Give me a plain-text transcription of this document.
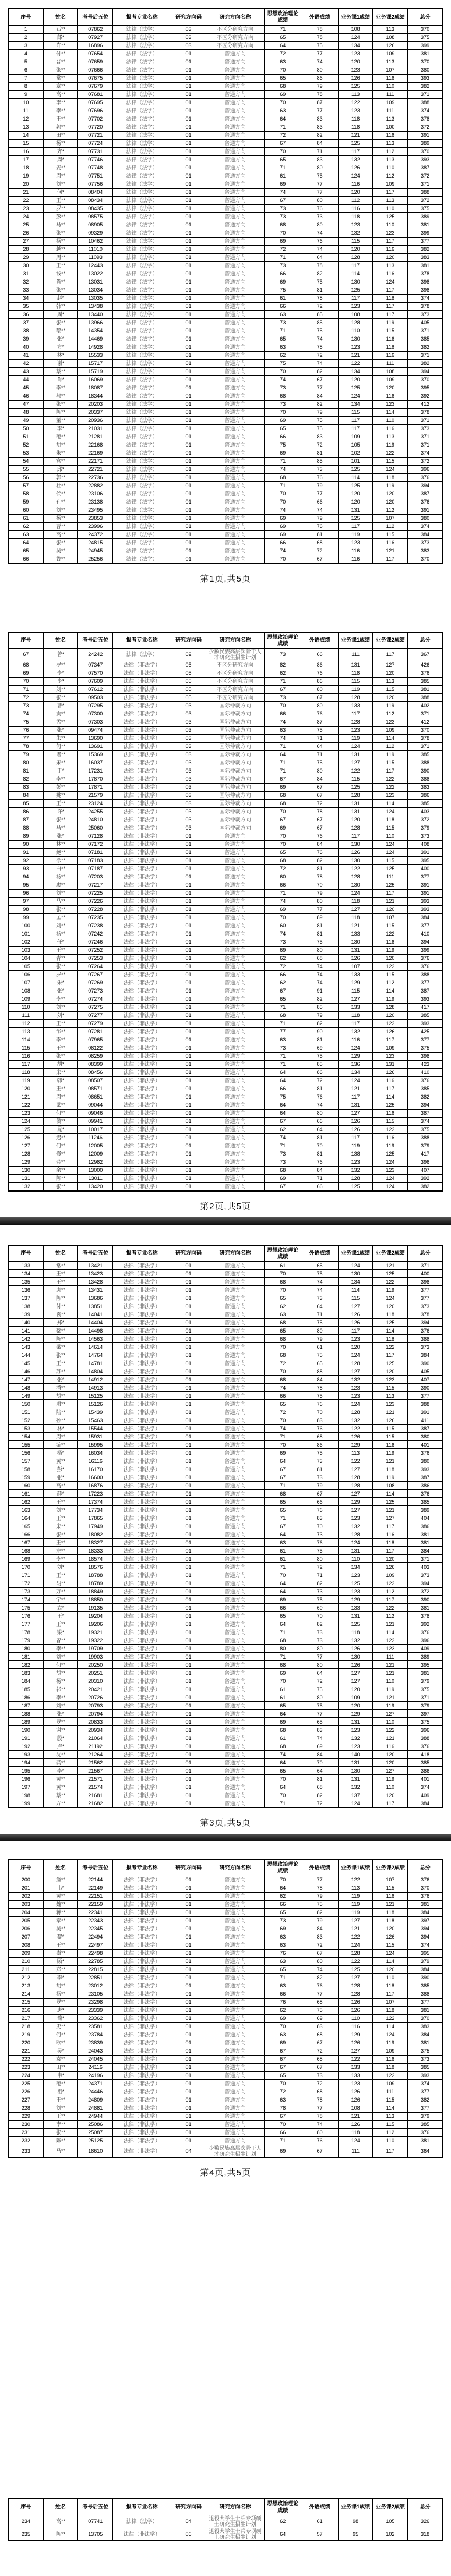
序号	姓名	考号后五位	报考专业名称	研究方向码	研究方向名称	思想政治理论成绩	外语成绩	业务课1成绩	业务课2成绩	总分
1	石**	07862	法律（法学）	03	不区分研究方向	71	78	108	113	370
2	郎*	07927	法律（法学）	03	不区分研究方向	65	78	124	108	375
3	许**	16896	法律（法学）	03	不区分研究方向	64	75	134	126	399
4	付**	07654	法律（法学）	01	普通方向	72	77	123	109	381
5	晋**	07659	法律（法学）	01	普通方向	63	74	120	113	370
6	张**	07666	法律（法学）	01	普通方向	70	80	123	107	380
7	常**	07675	法律（法学）	01	普通方向	65	86	126	116	393
8	章**	07679	法律（法学）	01	普通方向	68	79	125	110	382
9	高**	07681	法律（法学）	01	普通方向	69	78	113	111	371
10	李**	07695	法律（法学）	01	普通方向	70	87	122	109	388
11	李**	07696	法律（法学）	01	普通方向	63	77	123	111	374
12	王**	07702	法律（法学）	01	普通方向	64	83	118	113	378
13	郭**	07720	法律（法学）	01	普通方向	71	83	118	100	372
14	田**	07721	法律（法学）	01	普通方向	72	82	121	116	391
15	杨**	07724	法律（法学）	01	普通方向	67	84	125	113	389
16	齐*	07731	法律（法学）	01	普通方向	70	71	117	112	370
17	周*	07746	法律（法学）	01	普通方向	65	83	132	113	393
18	姜**	07748	法律（法学）	01	普通方向	71	80	126	110	387
19	周**	07751	法律（法学）	01	普通方向	61	75	124	112	372
20	刘**	07756	法律（法学）	01	普通方向	69	77	116	109	371
21	何*	08404	法律（法学）	01	普通方向	74	77	120	117	388
22	王**	08434	法律（法学）	01	普通方向	67	80	112	113	372
23	罗**	08435	法律（法学）	01	普通方向	73	76	116	110	375
24	彭**	08575	法律（法学）	01	普通方向	73	73	118	125	389
25	马**	08905	法律（法学）	01	普通方向	68	80	123	110	381
26	张**	09329	法律（法学）	01	普通方向	70	74	132	123	399
27	杨**	10462	法律（法学）	01	普通方向	69	76	115	117	377
28	越**	11010	法律（法学）	01	普通方向	72	74	120	116	382
29	周**	11093	法律（法学）	01	普通方向	71	64	128	120	383
30	王**	12443	法律（法学）	01	普通方向	73	78	117	113	381
31	钱**	13022	法律（法学）	01	普通方向	66	82	114	116	378
32	肖**	13031	法律（法学）	01	普通方向	69	75	130	124	398
33	张**	13034	法律（法学）	01	普通方向	75	81	125	117	398
34	赵*	13035	法律（法学）	01	普通方向	61	78	117	118	374
35	韩**	13438	法律（法学）	01	普通方向	66	72	123	117	378
36	周*	13440	法律（法学）	01	普通方向	63	85	108	117	373
37	张**	13966	法律（法学）	01	普通方向	73	85	128	119	405
38	黎**	14354	法律（法学）	01	普通方向	71	75	110	115	371
39	张*	14469	法律（法学）	01	普通方向	65	74	130	116	385
40	方*	14928	法律（法学）	01	普通方向	63	78	123	118	382
41	林*	15533	法律（法学）	01	普通方向	62	72	121	116	371
42	谢*	15717	法律（法学）	01	普通方向	75	74	122	111	382
43	蔡**	15719	法律（法学）	01	普通方向	70	82	134	108	394
44	肖*	16069	法律（法学）	01	普通方向	74	67	120	109	370
45	李**	18087	法律（法学）	01	普通方向	73	77	125	120	395
46	郝**	18344	法律（法学）	01	普通方向	68	84	124	116	392
47	张**	20203	法律（法学）	01	普通方向	73	82	134	123	412
48	陈**	20337	法律（法学）	01	普通方向	70	79	115	114	378
49	董**	20936	法律（法学）	01	普通方向	69	75	117	110	371
50	李*	21031	法律（法学）	01	普通方向	65	75	117	116	373
51	范**	21281	法律（法学）	01	普通方向	66	83	109	113	371
52	胡**	22168	法律（法学）	01	普通方向	75	72	105	119	371
53	朱**	22169	法律（法学）	01	普通方向	69	81	102	122	374
54	宫**	22171	法律（法学）	01	普通方向	71	85	101	115	372
55	邱*	22721	法律（法学）	01	普通方向	74	73	125	124	396
56	郭**	22736	法律（法学）	01	普通方向	68	76	114	118	376
57	杜**	22882	法律（法学）	01	普通方向	71	79	125	119	394
58	侯**	23106	法律（法学）	01	普通方向	70	77	120	120	387
59	孔**	23138	法律（法学）	01	普通方向	70	66	120	120	376
60	刘**	23495	法律（法学）	01	普通方向	74	74	131	112	391
61	杨**	23853	法律（法学）	01	普通方向	69	79	125	107	380
62	曹**	23996	法律（法学）	01	普通方向	69	76	117	112	374
63	高**	24372	法律（法学）	01	普通方向	69	81	119	115	384
64	张**	24815	法律（法学）	01	普通方向	66	68	123	116	373
65	吴**	24945	法律（法学）	01	普通方向	74	72	116	121	383
66	鲁**	25256	法律（法学）	01	普通方向	70	67	116	117	370
第1页,共5页
序号	姓名	考号后五位	报考专业名称	研究方向码	研究方向名称	思想政治理论成绩	外语成绩	业务课1成绩	业务课2成绩	总分
67	曾*	24242	法律（法学）	02	少数民族高层次骨干人才研究生招生计划	73	66	111	117	367
68	罗**	07347	法律（非法学）	05	不区分研究方向	82	86	131	127	426
69	李*	07570	法律（非法学）	05	不区分研究方向	62	76	118	120	376
70	李*	07609	法律（非法学）	05	不区分研究方向	71	86	115	113	385
71	刘**	07612	法律（非法学）	05	不区分研究方向	67	80	119	115	381
72	张**	09503	法律（非法学）	05	不区分研究方向	73	67	128	120	388
73	曹*	07295	法律（非法学）	03	国际仲裁方向	70	80	133	119	402
74	贡**	07300	法律（非法学）	03	国际仲裁方向	66	76	117	112	371
75	孟**	07303	法律（非法学）	03	国际仲裁方向	74	87	128	123	412
76	张*	09474	法律（非法学）	03	国际仲裁方向	63	75	123	109	370
77	朱**	13690	法律（非法学）	03	国际仲裁方向	74	71	119	114	378
78	何**	13691	法律（非法学）	03	国际仲裁方向	71	64	124	112	371
79	谌**	15369	法律（非法学）	03	国际仲裁方向	64	71	131	119	385
80	宋**	16037	法律（非法学）	03	国际仲裁方向	71	75	127	115	388
81	于*	17231	法律（非法学）	03	国际仲裁方向	71	80	122	117	390
82	李**	17870	法律（非法学）	03	国际仲裁方向	67	84	115	122	388
83	彭**	17871	法律（非法学）	03	国际仲裁方向	69	67	125	122	383
84	姚**	21579	法律（非法学）	03	国际仲裁方向	68	67	128	123	386
85	王**	23124	法律（非法学）	03	国际仲裁方向	68	72	131	114	385
86	许*	24255	法律（非法学）	03	国际仲裁方向	70	78	131	124	403
87	张**	24810	法律（非法学）	03	国际仲裁方向	67	67	120	118	372
88	马**	25060	法律（非法学）	03	国际仲裁方向	69	67	128	115	379
89	张*	07128	法律（非法学）	01	普通方向	70	76	117	110	373
90	林**	07172	法律（非法学）	01	普通方向	70	84	130	124	408
91	鲍**	07181	法律（非法学）	01	普通方向	65	76	126	124	391
92	徐**	07183	法律（非法学）	01	普通方向	68	82	130	115	395
93	白**	07187	法律（非法学）	01	普通方向	72	81	122	125	400
94	杨**	07203	法律（非法学）	01	普通方向	60	78	128	111	377
95	廖**	07217	法律（非法学）	01	普通方向	66	70	130	125	391
96	刘**	07225	法律（非法学）	01	普通方向	71	79	124	117	391
97	马**	07226	法律（非法学）	01	普通方向	74	80	118	121	393
98	张**	07228	法律（非法学）	01	普通方向	69	77	127	120	393
99	匡**	07235	法律（非法学）	01	普通方向	70	89	118	107	384
100	刘**	07238	法律（非法学）	01	普通方向	60	81	121	115	377
101	杨**	07242	法律（非法学）	01	普通方向	74	81	133	122	410
102	任*	07246	法律（非法学）	01	普通方向	73	75	130	116	394
103	王**	07252	法律（非法学）	01	普通方向	69	80	131	119	399
104	青**	07253	法律（非法学）	01	普通方向	62	68	126	120	376
105	张**	07264	法律（非法学）	01	普通方向	72	74	107	123	376
106	罗**	07267	法律（非法学）	01	普通方向	66	74	133	115	388
107	朱*	07269	法律（非法学）	01	普通方向	62	74	129	112	377
108	张*	07273	法律（非法学）	01	普通方向	67	91	115	114	387
109	李**	07274	法律（非法学）	01	普通方向	65	82	127	119	393
110	刘**	07275	法律（非法学）	01	普通方向	71	85	133	128	417
111	刘*	07277	法律（非法学）	01	普通方向	68	79	118	120	385
112	王**	07279	法律（非法学）	01	普通方向	71	82	117	123	393
113	邹**	07281	法律（非法学）	01	普通方向	77	90	132	126	425
114	李**	07965	法律（非法学）	01	普通方向	63	81	116	117	377
115	王**	08122	法律（非法学）	01	普通方向	73	69	124	109	375
116	张**	08259	法律（非法学）	01	普通方向	71	75	129	123	398
117	胡*	08399	法律（非法学）	01	普通方向	71	85	136	131	423
118	宋**	08456	法律（非法学）	01	普通方向	64	86	134	126	410
119	韩*	08507	法律（非法学）	01	普通方向	64	72	124	116	376
120	王**	08571	法律（非法学）	01	普通方向	66	81	121	117	385
121	周**	08651	法律（非法学）	01	普通方向	75	76	117	114	382
122	梁**	09044	法律（非法学）	01	普通方向	64	74	131	125	394
123	何**	09046	法律（非法学）	01	普通方向	64	80	127	116	387
124	侯**	09941	法律（非法学）	01	普通方向	67	66	126	115	374
125	晁*	10017	法律（非法学）	01	普通方向	62	64	126	123	375
126	迟**	11246	法律（非法学）	01	普通方向	74	81	117	116	388
127	何**	12005	法律（非法学）	01	普通方向	71	70	119	119	379
128	修**	12009	法律（非法学）	01	普通方向	73	81	138	125	417
129	龚**	12982	法律（非法学）	01	普通方向	73	76	123	124	396
130	余**	13000	法律（非法学）	01	普通方向	68	84	132	123	407
131	陈**	13011	法律（非法学）	01	普通方向	69	71	128	124	392
132	张**	13420	法律（非法学）	01	普通方向	67	66	125	124	382
第2页,共5页
序号	姓名	考号后五位	报考专业名称	研究方向码	研究方向名称	思想政治理论成绩	外语成绩	业务课1成绩	业务课2成绩	总分
133	常**	13421	法律（非法学）	01	普通方向	61	65	124	121	371
134	王**	13423	法律（非法学）	01	普通方向	70	75	130	125	400
135	王**	13428	法律（非法学）	01	普通方向	68	74	134	122	398
136	唐**	13431	法律（非法学）	01	普通方向	70	74	114	119	377
137	陈**	13686	法律（非法学）	01	普通方向	65	73	115	124	377
138	付**	13851	法律（非法学）	01	普通方向	62	64	127	120	373
139	袁**	14041	法律（非法学）	01	普通方向	63	71	126	118	378
140	郑*	14404	法律（非法学）	01	普通方向	68	75	126	125	394
141	蔡**	14498	法律（非法学）	01	普通方向	65	80	117	114	376
142	陈**	14563	法律（非法学）	01	普通方向	68	79	123	118	388
143	梁**	14614	法律（非法学）	01	普通方向	70	61	120	122	373
144	张**	14764	法律（非法学）	01	普通方向	68	75	124	117	384
145	王**	14781	法律（非法学）	01	普通方向	72	65	128	125	390
146	苏**	14804	法律（非法学）	01	普通方向	70	88	127	120	405
147	张*	14912	法律（非法学）	01	普通方向	68	84	132	123	407
148	潘**	14913	法律（非法学）	01	普通方向	74	78	123	115	390
149	胡**	15125	法律（非法学）	01	普通方向	66	75	123	113	377
150	项**	15126	法律（非法学）	01	普通方向	65	76	124	123	388
151	陆**	15439	法律（非法学）	01	普通方向	72	70	128	121	391
152	孙**	15463	法律（非法学）	01	普通方向	70	83	132	126	411
153	林*	15544	法律（非法学）	01	普通方向	74	76	122	115	387
154	周**	15931	法律（非法学）	01	普通方向	71	68	126	115	380
155	游**	15995	法律（非法学）	01	普通方向	70	86	129	116	401
156	杨*	16034	法律（非法学）	01	普通方向	69	75	113	119	376
157	黄**	16116	法律（非法学）	01	普通方向	64	73	122	121	380
158	彭*	16170	法律（非法学）	01	普通方向	67	81	127	118	393
159	张*	16600	法律（非法学）	01	普通方向	67	73	128	119	387
160	高**	16876	法律（非法学）	01	普通方向	71	79	128	108	386
161	薛*	17223	法律（非法学）	01	普通方向	68	67	127	114	376
162	王**	17374	法律（非法学）	01	普通方向	65	66	129	125	385
163	刘**	17734	法律（非法学）	01	普通方向	65	76	127	121	389
164	王**	17865	法律（非法学）	01	普通方向	71	83	123	127	404
165	宋**	17949	法律（非法学）	01	普通方向	67	70	132	117	386
166	张**	18082	法律（非法学）	01	普通方向	64	73	128	116	381
167	王**	18327	法律（非法学）	01	普通方向	63	76	124	118	381
168	左**	18333	法律（非法学）	01	普通方向	61	75	131	117	384
169	李**	18574	法律（非法学）	01	普通方向	61	80	110	120	371
170	刘*	18576	法律（非法学）	01	普通方向	71	72	134	126	403
171	王**	18788	法律（非法学）	01	普通方向	70	71	123	109	373
172	胡**	18789	法律（非法学）	01	普通方向	64	82	125	123	394
173	万**	18849	法律（非法学）	01	普通方向	64	73	123	112	372
174	宁**	18850	法律（非法学）	01	普通方向	69	75	129	117	390
175	袁*	19135	法律（非法学）	01	普通方向	66	60	133	122	381
176	王*	19204	法律（非法学）	01	普通方向	65	70	131	112	378
177	王**	19206	法律（非法学）	01	普通方向	64	82	125	121	392
178	梁*	19321	法律（非法学）	01	普通方向	71	73	118	114	376
179	曾**	19322	法律（非法学）	01	普通方向	68	73	132	123	396
180	李**	19709	法律（非法学）	01	普通方向	80	80	126	123	409
181	刘**	19903	法律（非法学）	01	普通方向	71	77	130	111	389
182	何**	20250	法律（非法学）	01	普通方向	68	80	126	121	395
183	胡**	20251	法律（非法学）	01	普通方向	69	64	127	121	381
184	杨**	20310	法律（非法学）	01	普通方向	70	72	127	110	379
185	祁**	20421	法律（非法学）	01	普通方向	61	75	120	119	375
186	李**	20726	法律（非法学）	01	普通方向	61	80	109	121	371
187	刘**	20793	法律（非法学）	01	普通方向	65	75	120	119	379
188	张*	20794	法律（非法学）	01	普通方向	64	77	129	127	397
189	罗**	20833	法律（非法学）	01	普通方向	69	65	131	110	375
190	谢**	20934	法律（非法学）	01	普通方向	68	83	123	122	396
191	殷*	21064	法律（非法学）	01	普通方向	61	74	132	121	388
192	卢*	21192	法律（非法学）	01	普通方向	68	69	123	116	376
193	沈**	21264	法律（非法学）	01	普通方向	74	84	140	120	418
194	龚**	21562	法律（非法学）	01	普通方向	64	70	131	120	385
195	李*	21567	法律（非法学）	01	普通方向	65	64	130	127	386
196	黄**	21571	法律（非法学）	01	普通方向	70	81	131	119	401
197	黄**	21574	法律（非法学）	01	普通方向	64	68	132	110	374
198	蔡**	21681	法律（非法学）	01	普通方向	70	82	137	120	409
199	方**	21682	法律（非法学）	01	普通方向	71	72	124	117	384
第3页,共5页
序号	姓名	考号后五位	报考专业名称	研究方向码	研究方向名称	思想政治理论成绩	外语成绩	业务课1成绩	业务课2成绩	总分
200	詹**	22144	法律（非法学）	01	普通方向	70	77	122	107	376
201	韦*	22149	法律（非法学）	01	普通方向	64	78	113	115	370
202	黄**	22151	法律（非法学）	01	普通方向	62	79	119	116	376
203	魏**	22159	法律（非法学）	01	普通方向	66	75	119	121	381
204	蒋**	22341	法律（非法学）	01	普通方向	65	82	119	118	384
205	奉**	22343	法律（非法学）	01	普通方向	73	79	127	118	397
206	吴**	22345	法律（非法学）	01	普通方向	69	84	121	120	394
207	黎*	22494	法律（非法学）	01	普通方向	63	83	122	126	394
208	王**	22497	法律（非法学）	01	普通方向	63	72	124	115	374
209	崇**	22498	法律（非法学）	01	普通方向	76	67	128	124	395
210	顾*	22785	法律（非法学）	01	普通方向	63	80	122	114	379
211	邓**	22815	法律（非法学）	01	普通方向	65	74	125	120	384
212	李*	22851	法律（非法学）	01	普通方向	71	82	127	110	390
213	胡**	23012	法律（非法学）	01	普通方向	63	76	128	118	385
214	杨**	23105	法律（非法学）	01	普通方向	66	77	128	117	388
215	罗**	23298	法律（非法学）	01	普通方向	76	68	126	107	377
216	唐*	23339	法律（非法学）	01	普通方向	62	75	126	118	381
217	简*	23362	法律（非法学）	01	普通方向	69	69	110	122	370
218	史**	23581	法律（非法学）	01	普通方向	70	83	116	114	383
219	何**	23784	法律（非法学）	01	普通方向	63	68	129	124	384
220	欧**	23839	法律（非法学）	01	普通方向	69	67	126	119	381
221	吴*	24043	法律（非法学）	01	普通方向	67	72	127	109	375
222	袁**	24045	法律（非法学）	01	普通方向	67	68	122	116	373
223	田**	24116	法律（非法学）	01	普通方向	67	67	133	118	385
224	申*	24196	法律（非法学）	01	普通方向	65	73	133	122	393
225	范**	24371	法律（非法学）	01	普通方向	70	72	123	109	374
226	祖*	24446	法律（非法学）	01	普通方向	72	68	126	111	377
227	王**	24809	法律（非法学）	01	普通方向	63	78	126	115	382
228	刘**	24881	法律（非法学）	01	普通方向	78	77	108	114	377
229	王**	24944	法律（非法学）	01	普通方向	67	78	121	113	379
230	李**	25086	法律（非法学）	01	普通方向	70	74	126	115	385
231	张**	25087	法律（非法学）	01	普通方向	66	80	118	112	376
232	陈**	25125	法律（非法学）	01	普通方向	71	76	124	110	381
233	马**	18610	法律（非法学）	04	少数民族高层次骨干人才研究生招生计划	69	67	111	117	364
第4页,共5页
序号	姓名	考号后五位	报考专业名称	研究方向码	研究方向名称	思想政治理论成绩	外语成绩	业务课1成绩	业务课2成绩	总分
234	高**	07741	法律（法学）	04	退役大学生士兵专项硕士研究生招生计划	62	61	98	105	326
235	陈**	13705	法律（非法学）	06	退役大学生士兵专项硕士研究生招生计划	64	57	95	102	318
